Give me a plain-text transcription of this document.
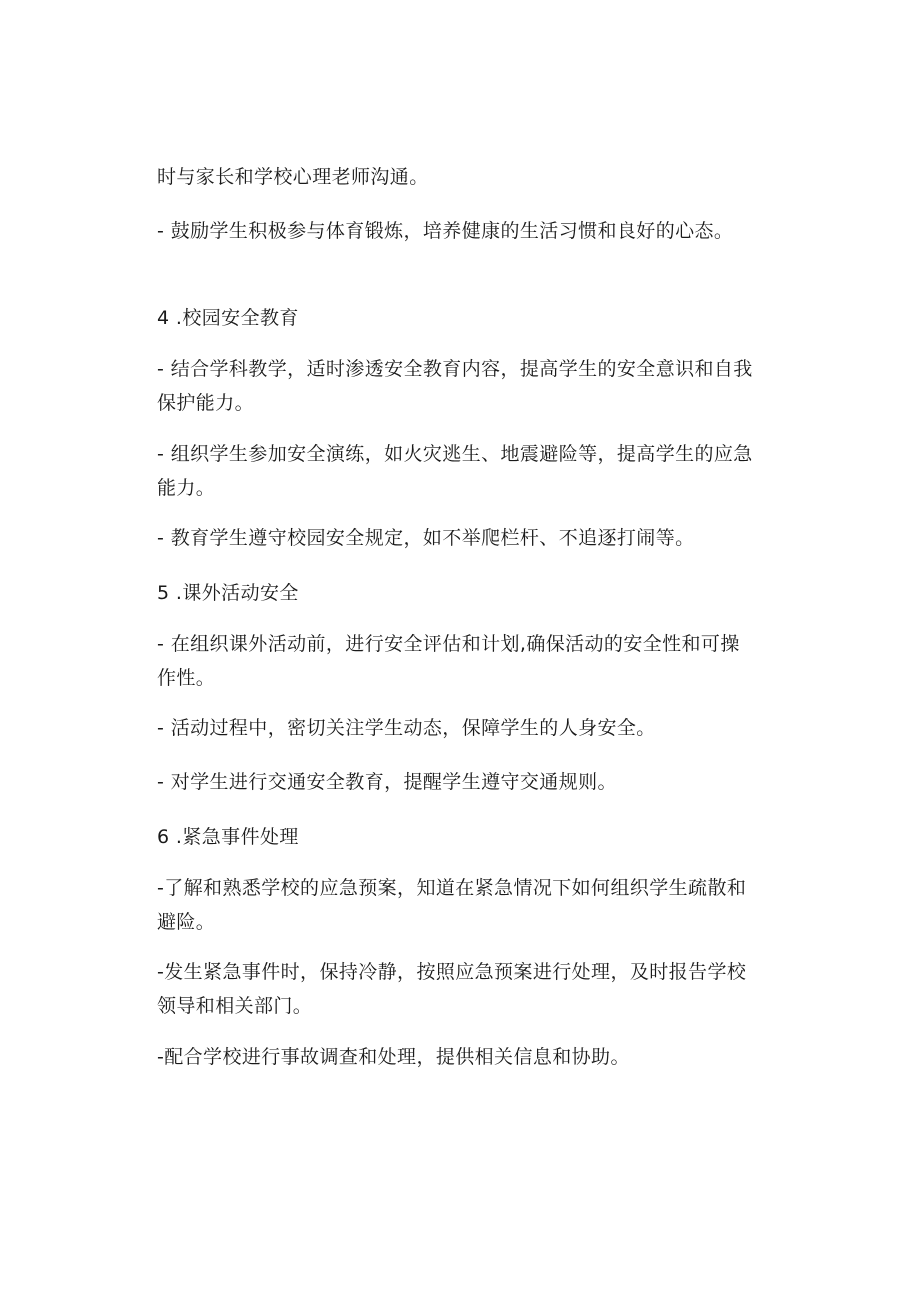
时与家长和学校心理老师沟通。

- 鼓励学生积极参与体育锻炼，培养健康的生活习惯和良好的心态。

4 .校园安全教育

- 结合学科教学，适时渗透安全教育内容，提高学生的安全意识和自我保护能力。

- 组织学生参加安全演练，如火灾逃生、地震避险等，提高学生的应急能力。

- 教育学生遵守校园安全规定，如不举爬栏杆、不追逐打闹等。

5 .课外活动安全

- 在组织课外活动前，进行安全评估和计划,确保活动的安全性和可操作性。

- 活动过程中，密切关注学生动态，保障学生的人身安全。

- 对学生进行交通安全教育，提醒学生遵守交通规则。

6 .紧急事件处理

-了解和熟悉学校的应急预案，知道在紧急情况下如何组织学生疏散和避险。

-发生紧急事件时，保持冷静，按照应急预案进行处理，及时报告学校领导和相关部门。

-配合学校进行事故调查和处理，提供相关信息和协助。
